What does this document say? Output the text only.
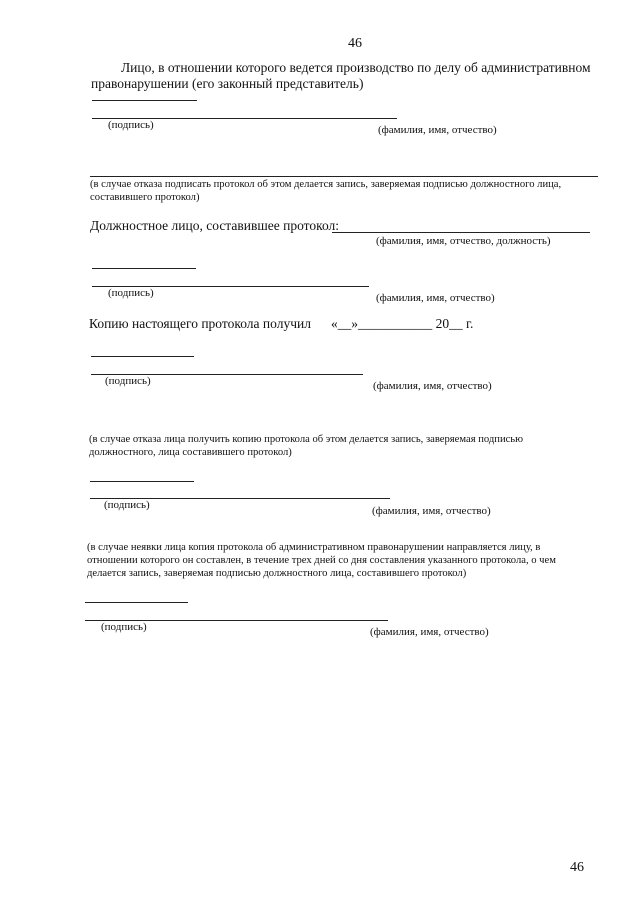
46
Лицо, в отношении которого ведется производство по делу об административном
правонарушении (его законный представитель)
(подпись)	(фамилия, имя, отчество)
(в случае отказа подписать протокол об этом делается запись, заверяемая подписью должностного лица,
составившего протокол)
Должностное лицо, составившее протокол:
(фамилия, имя, отчество, должность)
(подпись)	(фамилия, имя, отчество)
Копию настоящего протокола получил «__»___________ 20__ г.
(подпись)	(фамилия, имя, отчество)
(в случае отказа лица получить копию протокола об этом делается запись, заверяемая подписью
должностного, лица составившего протокол)
(подпись)	(фамилия, имя, отчество)
(в случае неявки лица копия протокола об административном правонарушении направляется лицу, в
отношении которого он составлен, в течение трех дней со дня составления указанного протокола, о чем
делается запись, заверяемая подписью должностного лица, составившего протокол)
(подпись)	(фамилия, имя, отчество)
46
